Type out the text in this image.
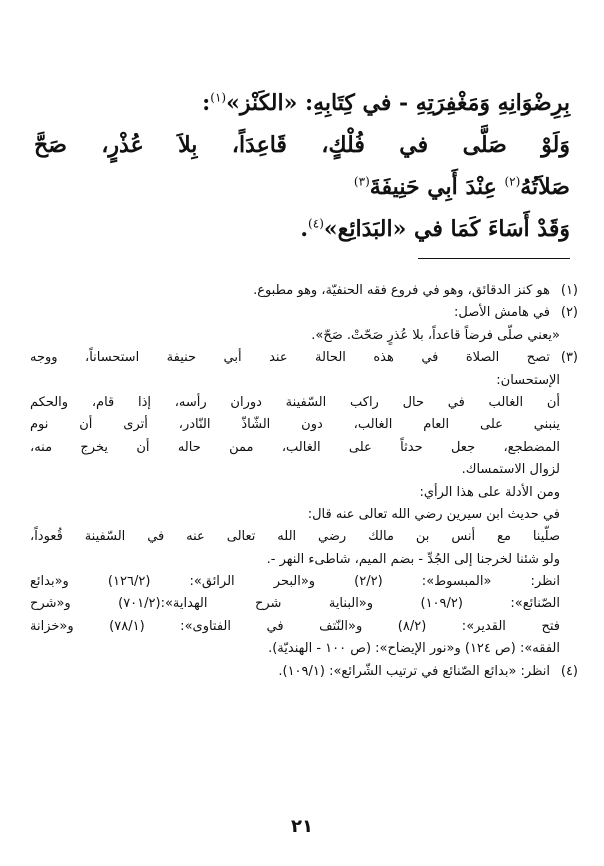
بِرِضْوَانِهِ وَمَغْفِرَتِهِ - في كِتَابِهِ: «الكَنْز»$^{(١)}$:
وَلَوْ صَلَّى في فُلْكٍ، قَاعِدَاً، بِلاَ عُذْرٍ، صَحَّ
صَلاَتُهُ$^{(٢)}$ عِنْدَ أَبِي حَنِيفَةَ$^{(٣)}$
وَقَدْ أَسَاءَ كَمَا في «البَدَائِع»$^{(٤)}$.
(١)هو كنز الدقائق، وهو في فروع فقه الحنفيّة، وهو مطبوع.
(٢)في هامش الأصل:
«يعني صلّى فرضاً قاعداً، بلا عُذرٍ صَحّتْ. صَحّ».
(٣)تصح الصلاة في هذه الحالة عند أبي حنيفة استحساناً، ووجه
الإستحسان:
أن الغالب في حال راكب السّفينة دوران رأسه، إذا قام، والحكم
ينبني على العام الغالب، دون الشّاذّ النّادر، أترى أن نوم
المضطجع، جعل حدثاً على الغالب، ممن حاله أن يخرج منه،
لزوال الاستمساك.
ومن الأدلة على هذا الرأي:
في حديث ابن سيرين رضي الله تعالى عنه قال:
صلّينا مع أنس بن مالك رضي الله تعالى عنه في السّفينة قُعوداً،
ولو شئنا لخرجنا إلى الجُدِّ - بضم الميم، شاطىء النهر -.
انظر: «المبسوط»: (٢/٢) و«البحر الرائق»: (١٢٦/٢) و«بدائع
الصّنائع»: (١٠٩/٢) و«البناية شرح الهداية»:(٧٠١/٢) و«شرح
فتح القدير»: (٨/٢) و«النّتف في الفتاوى»: (٧٨/١) و«خزانة
الفقه»: (ص ١٢٤) و«نور الإيضاح»: (ص ١٠٠ - الهنديّة).
(٤)انظر: «بدائع الصّنائع في ترتيب الشّرائع»: (١٠٩/١).
٢١
